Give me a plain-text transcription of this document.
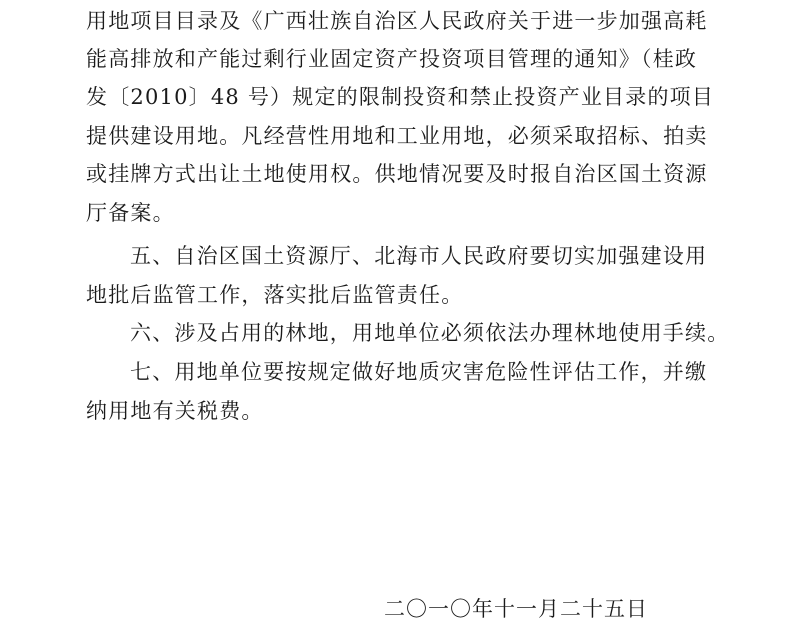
用地项目目录及《广西壮族自治区人民政府关于进一步加强高耗
能高排放和产能过剩行业固定资产投资项目管理的通知》（桂政
发〔2010〕48 号）规定的限制投资和禁止投资产业目录的项目
提供建设用地。凡经营性用地和工业用地，必须采取招标、拍卖
或挂牌方式出让土地使用权。供地情况要及时报自治区国土资源
厅备案。
五、自治区国土资源厅、北海市人民政府要切实加强建设用
地批后监管工作，落实批后监管责任。
六、涉及占用的林地，用地单位必须依法办理林地使用手续。
七、用地单位要按规定做好地质灾害危险性评估工作，并缴
纳用地有关税费。
二〇一〇年十一月二十五日
